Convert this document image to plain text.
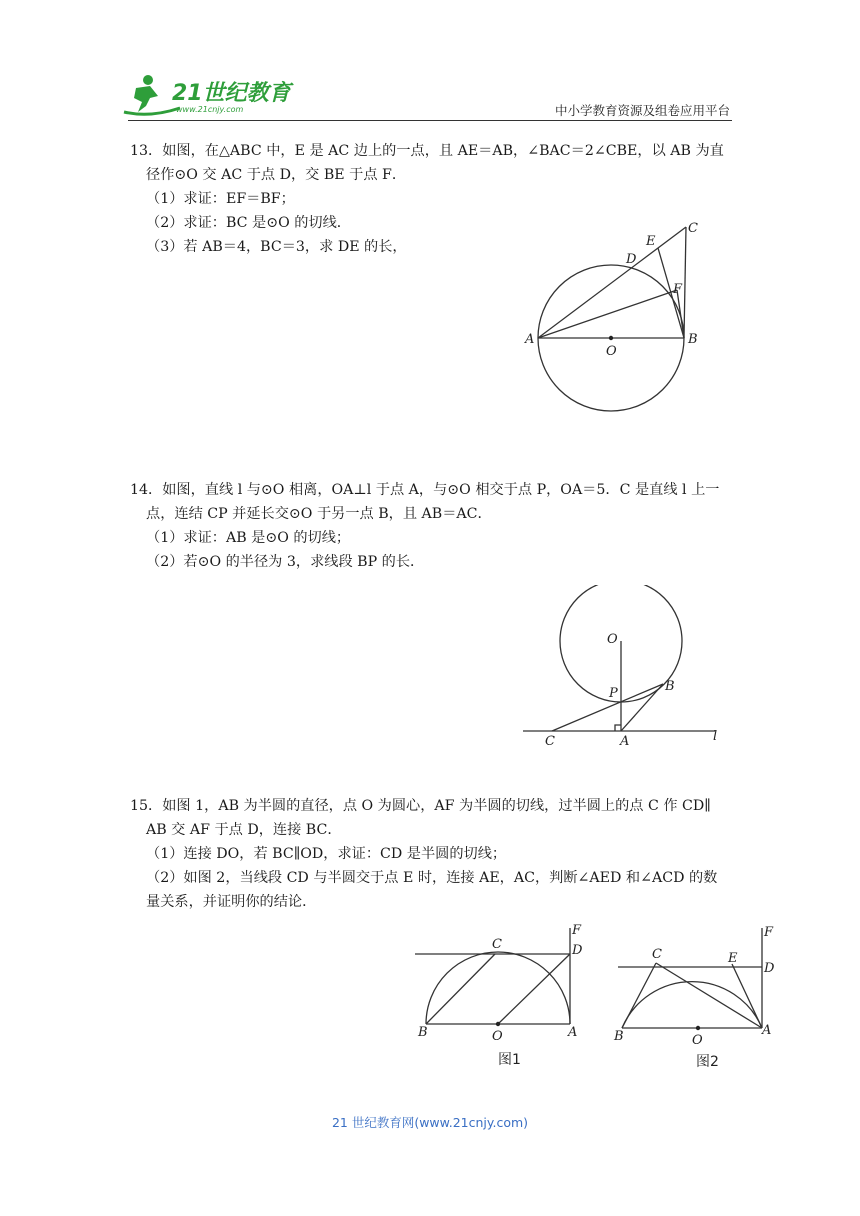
21世纪教育
www.21cnjy.com	中小学教育资源及组卷应用平台

13．如图，在△ABC 中，E 是 AC 边上的一点，且 AE＝AB，∠BAC＝2∠CBE，以 AB 为直

径作⊙O 交 AC 于点 D，交 BE 于点 F．

（1）求证：EF＝BF；

（2）求证：BC 是⊙O 的切线．

（3）若 AB＝4，BC＝3，求 DE 的长，

A	B
C
D
E
F
O

14．如图，直线 l 与⊙O 相离，OA⊥l 于点 A，与⊙O 相交于点 P，OA＝5．C 是直线 l 上一

点，连结 CP 并延长交⊙O 于另一点 B，且 AB＝AC．

（1）求证：AB 是⊙O 的切线；

（2）若⊙O 的半径为 3，求线段 BP 的长．

O
P	B
C	A	l

15．如图 1，AB 为半圆的直径，点 O 为圆心，AF 为半圆的切线，过半圆上的点 C 作 CD∥

AB 交 AF 于点 D，连接 BC．

（1）连接 DO，若 BC∥OD，求证：CD 是半圆的切线；

（2）如图 2，当线段 CD 与半圆交于点 E 时，连接 AE，AC，判断∠AED 和∠ACD 的数

量关系，并证明你的结论．

C	D
F
B	O	A
图1
C	E
D
F
B	O
A
图2
21 世纪教育网(www.21cnjy.com)
